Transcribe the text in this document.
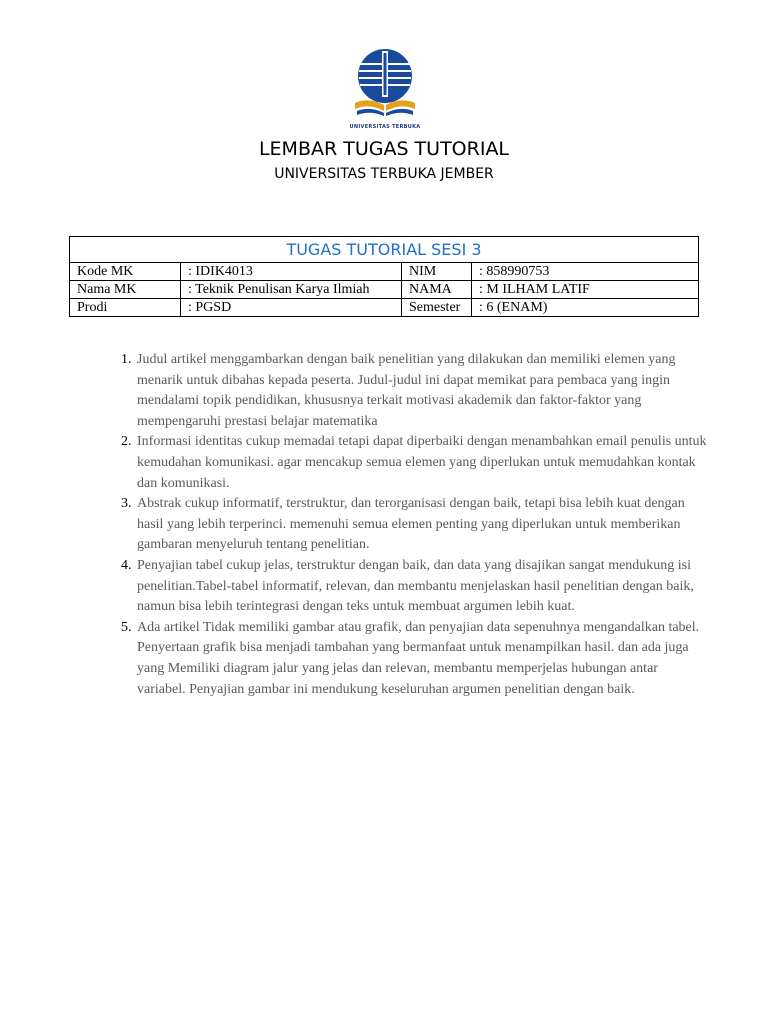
UNIVERSITAS TERBUKA
LEMBAR TUGAS TUTORIAL
UNIVERSITAS TERBUKA JEMBER
TUGAS TUTORIAL SESI 3			
Kode MK	: IDIK4013	NIM	: 858990753
Nama MK	: Teknik Penulisan Karya Ilmiah	NAMA	: M ILHAM LATIF
Prodi	: PGSD	Semester	: 6 (ENAM)
1. Judul artikel menggambarkan dengan baik penelitian yang dilakukan dan memiliki elemen yang menarik untuk dibahas kepada peserta. Judul-judul ini dapat memikat para pembaca yang ingin mendalami topik pendidikan, khususnya terkait motivasi akademik dan faktor-faktor yang mempengaruhi prestasi belajar matematika
2. Informasi identitas cukup memadai tetapi dapat diperbaiki dengan menambahkan email penulis untuk kemudahan komunikasi. agar mencakup semua elemen yang diperlukan untuk memudahkan kontak dan komunikasi.
3. Abstrak cukup informatif, terstruktur, dan terorganisasi dengan baik, tetapi bisa lebih kuat dengan hasil yang lebih terperinci. memenuhi semua elemen penting yang diperlukan untuk memberikan gambaran menyeluruh tentang penelitian.
4. Penyajian tabel cukup jelas, terstruktur dengan baik, dan data yang disajikan sangat mendukung isi penelitian.Tabel-tabel informatif, relevan, dan membantu menjelaskan hasil penelitian dengan baik, namun bisa lebih terintegrasi dengan teks untuk membuat argumen lebih kuat.
5. Ada artikel Tidak memiliki gambar atau grafik, dan penyajian data sepenuhnya mengandalkan tabel. Penyertaan grafik bisa menjadi tambahan yang bermanfaat untuk menampilkan hasil. dan ada juga yang Memiliki diagram jalur yang jelas dan relevan, membantu memperjelas hubungan antar variabel. Penyajian gambar ini mendukung keseluruhan argumen penelitian dengan baik.
